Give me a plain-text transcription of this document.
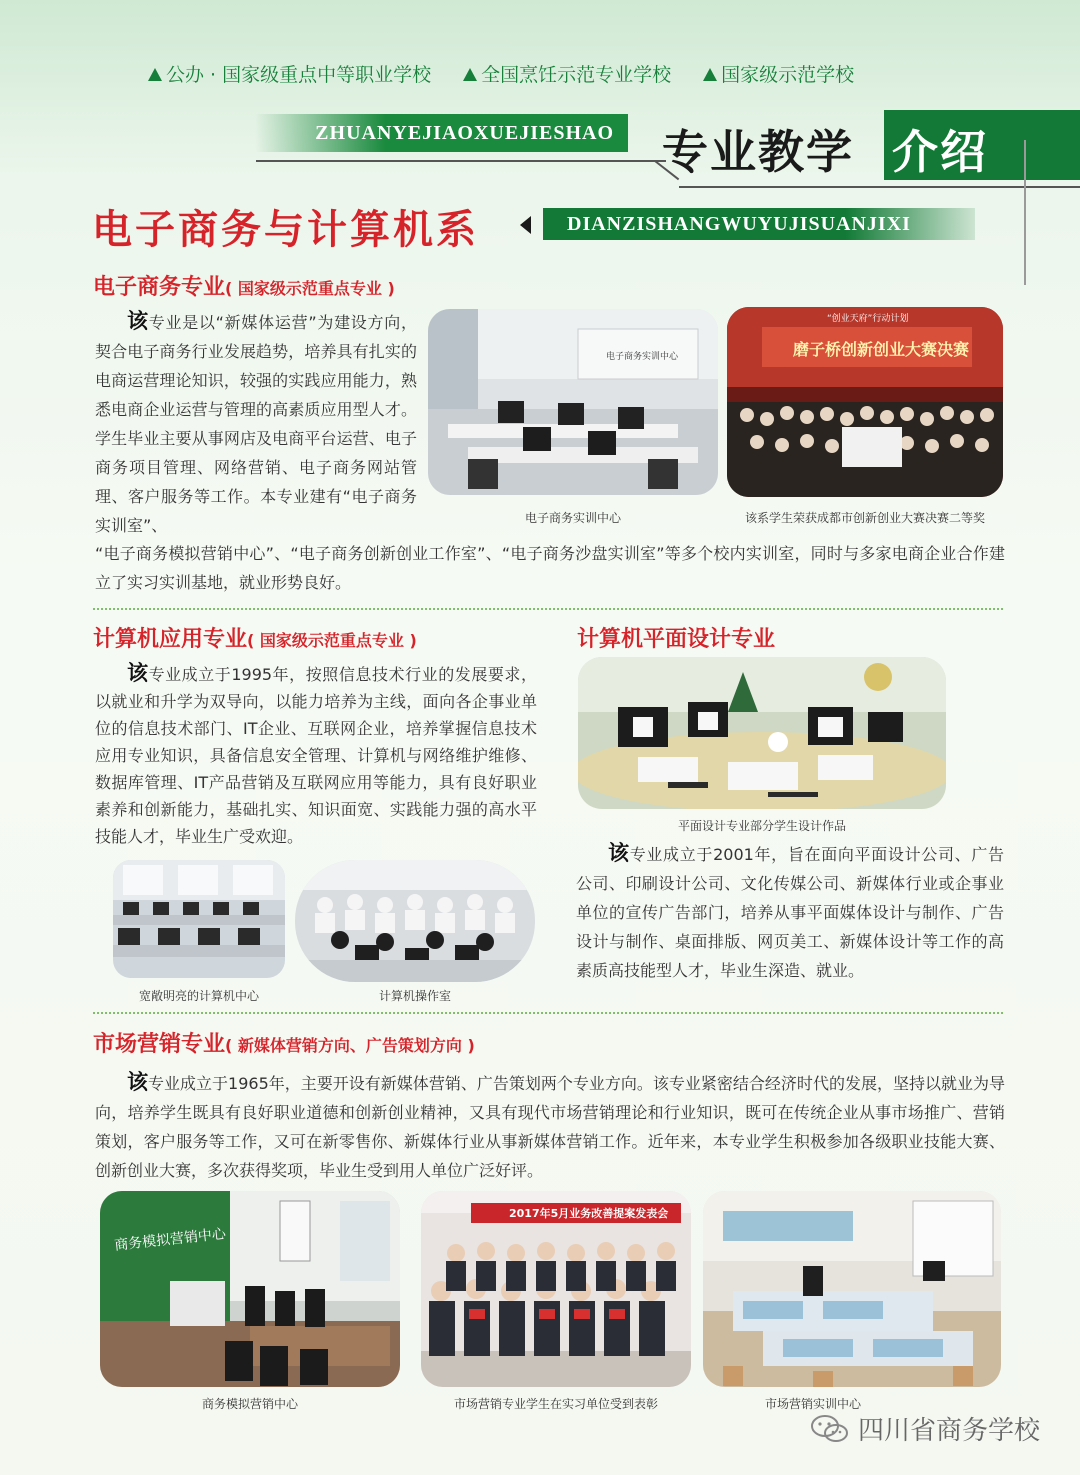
公办 · 国家级重点中等职业学校	全国烹饪示范专业学校	国家级示范学校
ZHUANYEJIAOXUEJIESHAO	专业教学 介绍
电子商务与计算机系	DIANZISHANGWUYUJISUANJIXI
电子商务专业( 国家级示范重点专业 )
该专业是以“新媒体运营”为建设方向，契合电子商务行业发展趋势，培养具有扎实的电商运营理论知识，较强的实践应用能力，熟悉电商企业运营与管理的高素质应用型人才。学生毕业主要从事网店及电商平台运营、电子商务项目管理、网络营销、电子商务网站管理、客户服务等工作。本专业建有“电子商务实训室”、
“电子商务模拟营销中心”、“电子商务创新创业工作室”、“电子商务沙盘实训室”等多个校内实训室，同时与多家电商企业合作建立了实习实训基地，就业形势良好。
电子商务实训中心
“创业天府”行动计划
磨子桥创新创业大赛决赛
电子商务实训中心	该系学生荣获成都市创新创业大赛决赛二等奖
计算机应用专业( 国家级示范重点专业 )
该专业成立于1995年，按照信息技术行业的发展要求，以就业和升学为双导向，以能力培养为主线，面向各企事业单位的信息技术部门、IT企业、互联网企业，培养掌握信息技术应用专业知识，具备信息安全管理、计算机与网络维护维修、数据库管理、IT产品营销及互联网应用等能力，具有良好职业素养和创新能力，基础扎实、知识面宽、实践能力强的高水平技能人才，毕业生广受欢迎。
宽敞明亮的计算机中心	计算机操作室
计算机平面设计专业
平面设计专业部分学生设计作品
该专业成立于2001年，旨在面向平面设计公司、广告公司、印刷设计公司、文化传媒公司、新媒体行业或企事业单位的宣传广告部门，培养从事平面媒体设计与制作、广告设计与制作、桌面排版、网页美工、新媒体设计等工作的高素质高技能型人才，毕业生深造、就业。
市场营销专业( 新媒体营销方向、广告策划方向 )
该专业成立于1965年，主要开设有新媒体营销、广告策划两个专业方向。该专业紧密结合经济时代的发展，坚持以就业为导向，培养学生既具有良好职业道德和创新创业精神，又具有现代市场营销理论和行业知识，既可在传统企业从事市场推广、营销策划，客户服务等工作，又可在新零售你、新媒体行业从事新媒体营销工作。近年来，本专业学生积极参加各级职业技能大赛、创新创业大赛，多次获得奖项，毕业生受到用人单位广泛好评。
商务模拟营销中心
2017年5月业务改善提案发表会
商务模拟营销中心	市场营销专业学生在实习单位受到表彰	市场营销实训中心
四川省商务学校
